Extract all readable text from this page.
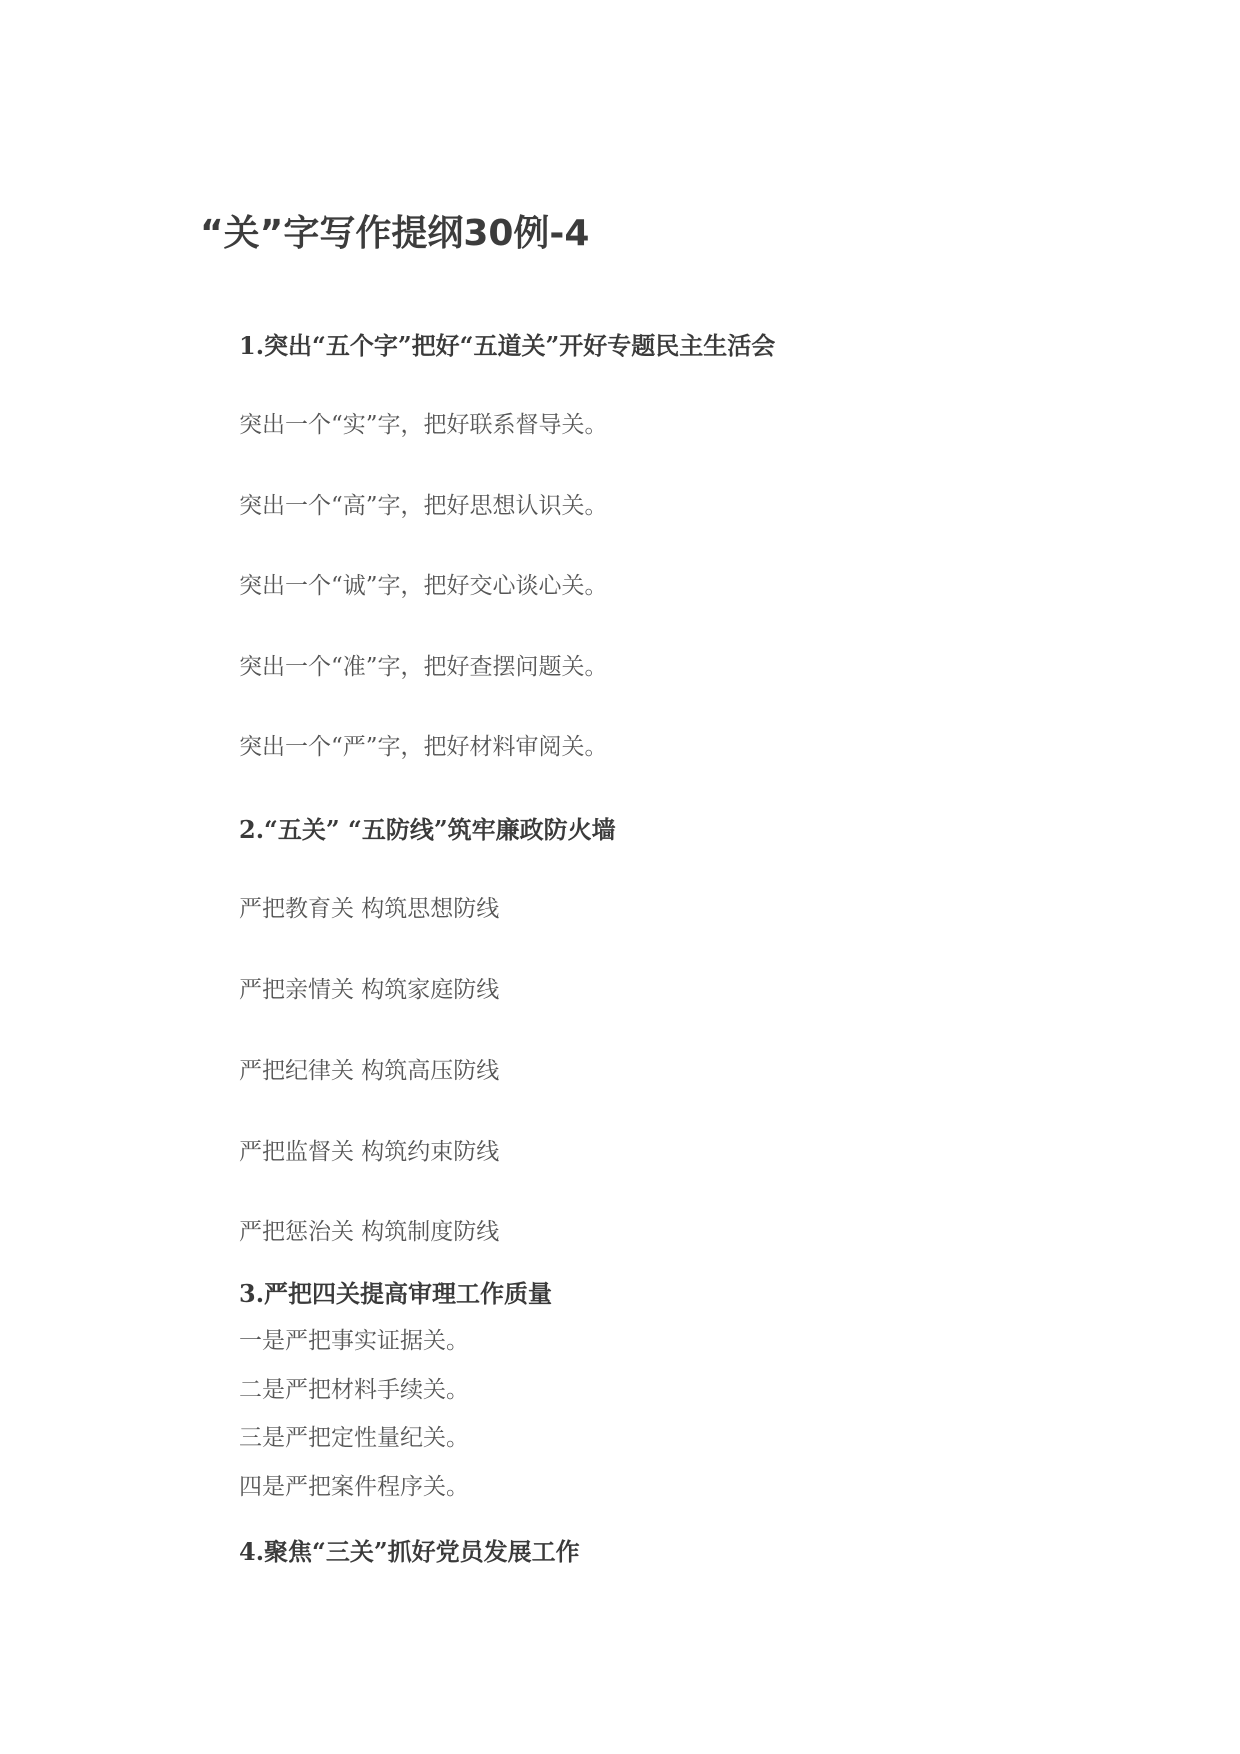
“关”字写作提纲30例-4

1.突出“五个字”把好“五道关”开好专题民主生活会

突出一个“实”字，把好联系督导关。

突出一个“高”字，把好思想认识关。

突出一个“诚”字，把好交心谈心关。

突出一个“准”字，把好查摆问题关。

突出一个“严”字，把好材料审阅关。

2.“五关” “五防线”筑牢廉政防火墙

严把教育关 构筑思想防线

严把亲情关 构筑家庭防线

严把纪律关 构筑高压防线

严把监督关 构筑约束防线

严把惩治关 构筑制度防线

3.严把四关提高审理工作质量

一是严把事实证据关。

二是严把材料手续关。

三是严把定性量纪关。

四是严把案件程序关。

4.聚焦“三关”抓好党员发展工作
